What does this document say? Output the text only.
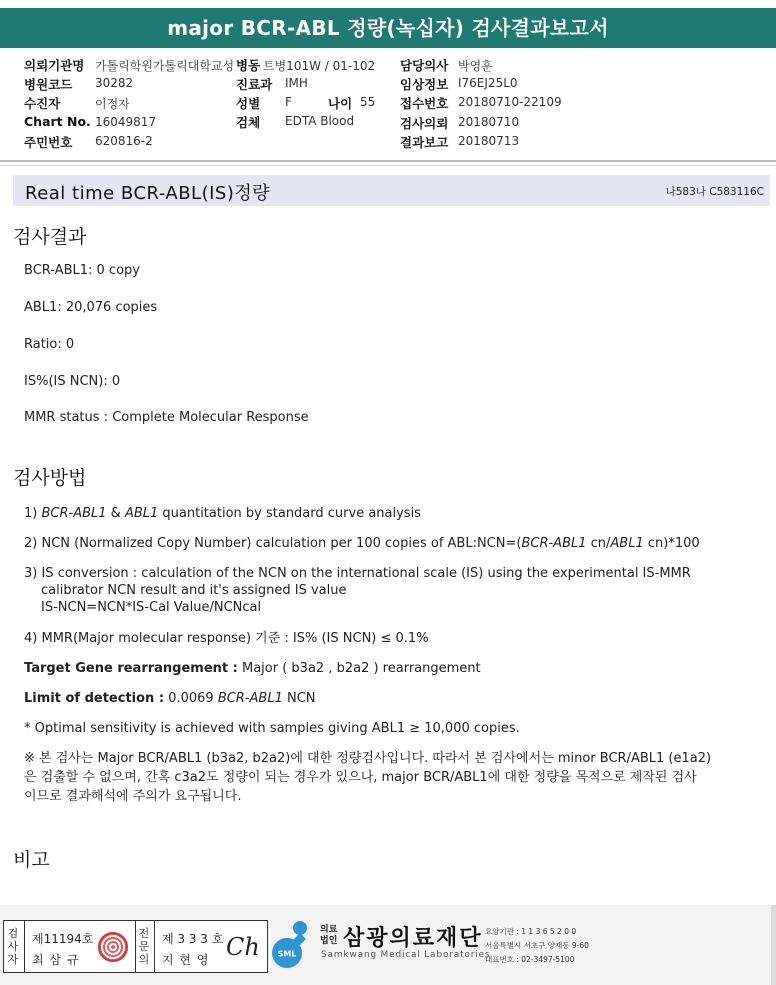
major BCR-ABL 정량(녹십자) 검사결과보고서
의뢰기관명 가톨릭학원가톨릭대학교성 병동 트병101W / 01-102 담당의사 박영훈
병원코드 30282	진료과 IMH	임상정보 I76EJ25L0
수진자	이정자	성별 F	나이 55 접수번호 20180710-22109
Chart No. 16049817	검체 EDTA Blood	검사의뢰 20180710
주민번호 620816-2	결과보고 20180713
Real time BCR-ABL(IS)정량	나583나 C583116C
검사결과
BCR-ABL1: 0 copy
ABL1: 20,076 copies
Ratio: 0
IS%(IS NCN): 0
MMR status : Complete Molecular Response
검사방법
1) BCR-ABL1 & ABL1 quantitation by standard curve analysis
2) NCN (Normalized Copy Number) calculation per 100 copies of ABL:NCN=(BCR-ABL1 cn/ABL1 cn)*100
3) IS conversion : calculation of the NCN on the international scale (IS) using the experimental IS-MMR
calibrator NCN result and it's assigned IS value
IS-NCN=NCN*IS-Cal Value/NCNcal
4) MMR(Major molecular response) 기준 : IS% (IS NCN) ≤ 0.1%
Target Gene rearrangement : Major ( b3a2 , b2a2 ) rearrangement
Limit of detection : 0.0069 BCR-ABL1 NCN
* Optimal sensitivity is achieved with samples giving ABL1 ≥ 10,000 copies.
※ 본 검사는 Major BCR/ABL1 (b3a2, b2a2)에 대한 정량검사입니다. 따라서 본 검사에서는 minor BCR/ABL1 (e1a2)
은 검출할 수 없으며, 간혹 c3a2도 정량이 되는 경우가 있으나, major BCR/ABL1에 대한 정량을 목적으로 제작된 검사
이므로 결과해석에 주의가 요구됩니다.
비고
검
사
자
제11194호
최 삼 규
전
문
의
제 3 3 3 호
지 현 영 Ch SML
의료
법인 삼광의료재단
Samkwang Medical Laboratories
요양기관 : 1 1 3 6 5 2 0 0
서울특별시 서초구 양재동 9-60
대표번호 : 02-3497-5100
